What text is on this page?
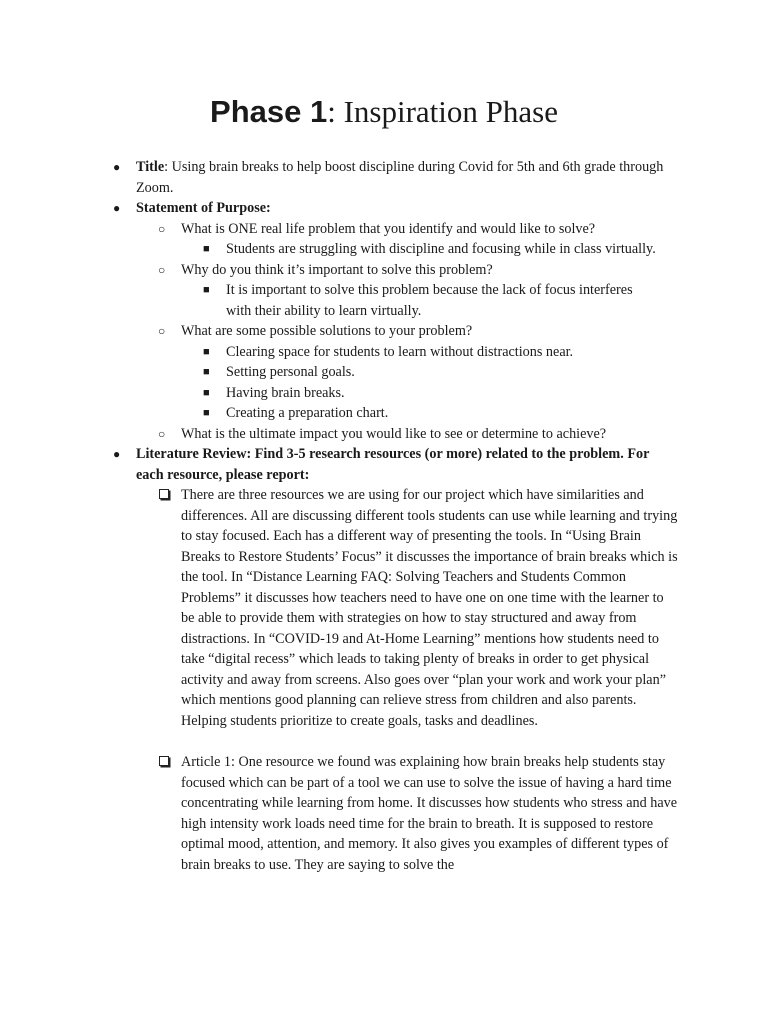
Phase 1: Inspiration Phase
● Title: Using brain breaks to help boost discipline during Covid for 5th and 6th grade through Zoom.
● Statement of Purpose:
○ What is ONE real life problem that you identify and would like to solve?
■ Students are struggling with discipline and focusing while in class virtually.
○ Why do you think it’s important to solve this problem?
■ It is important to solve this problem because the lack of focus interferes with their ability to learn virtually.
○ What are some possible solutions to your problem?
■ Clearing space for students to learn without distractions near.
■ Setting personal goals.
■ Having brain breaks.
■ Creating a preparation chart.
○ What is the ultimate impact you would like to see or determine to achieve?
● Literature Review: Find 3-5 research resources (or more) related to the problem. For each resource, please report:
There are three resources we are using for our project which have similarities and differences. All are discussing different tools students can use while learning and trying to stay focused. Each has a different way of presenting the tools. In “Using Brain Breaks to Restore Students’ Focus” it discusses the importance of brain breaks which is the tool. In “Distance Learning FAQ: Solving Teachers and Students Common Problems” it discusses how teachers need to have one on one time with the learner to be able to provide them with strategies on how to stay structured and away from distractions. In “COVID-19 and At-Home Learning” mentions how students need to take “digital recess” which leads to taking plenty of breaks in order to get physical activity and away from screens. Also goes over “plan your work and work your plan” which mentions good planning can relieve stress from children and also parents. Helping students prioritize to create goals, tasks and deadlines.
Article 1: One resource we found was explaining how brain breaks help students stay focused which can be part of a tool we can use to solve the issue of having a hard time concentrating while learning from home. It discusses how students who stress and have high intensity work loads need time for the brain to breath. It is supposed to restore optimal mood, attention, and memory. It also gives you examples of different types of brain breaks to use. They are saying to solve the
